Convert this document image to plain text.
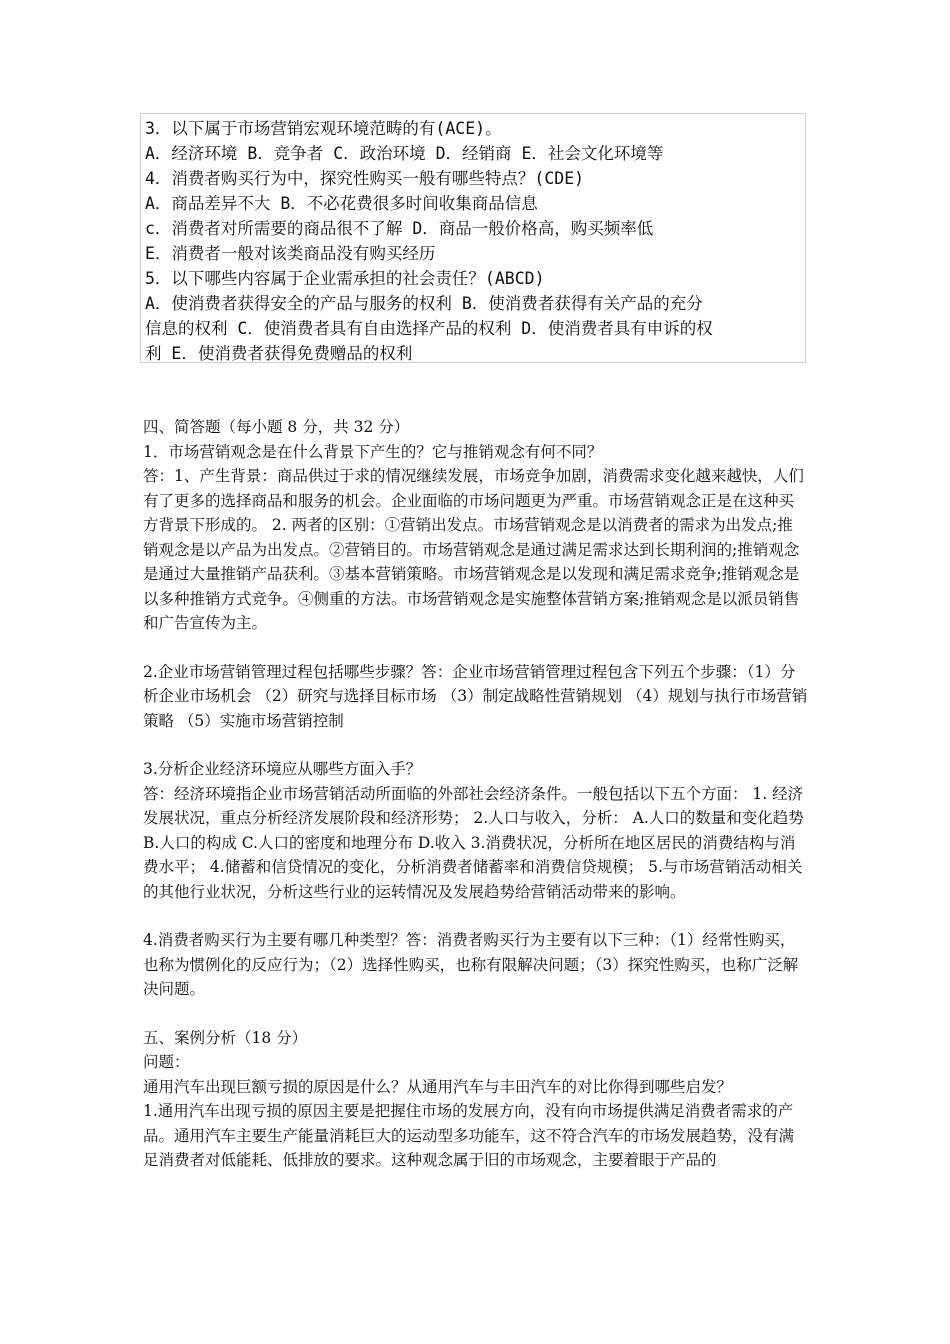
3．以下属于市场营销宏观环境范畴的有(ACE)。
A．经济环境 B．竞争者 C．政治环境 D．经销商 E．社会文化环境等
4．消费者购买行为中，探究性购买一般有哪些特点？(CDE)
A．商品差异不大 B．不必花费很多时间收集商品信息
c．消费者对所需要的商品很不了解 D．商品一般价格高，购买频率低
E．消费者一般对该类商品没有购买经历
5．以下哪些内容属于企业需承担的社会责任？(ABCD)
A．使消费者获得安全的产品与服务的权利 B．使消费者获得有关产品的充分
信息的权利 C．使消费者具有自由选择产品的权利 D．使消费者具有申诉的权
利 E．使消费者获得免费赠品的权利

四、简答题（每小题 8 分，共 32 分）

1．市场营销观念是在什么背景下产生的？它与推销观念有何不同？

答：1、产生背景：商品供过于求的情况继续发展，市场竞争加剧，消费需求变化越来越快，人们有了更多的选择商品和服务的机会。企业面临的市场问题更为严重。市场营销观念正是在这种买方背景下形成的。 2. 两者的区别：①营销出发点。市场营销观念是以消费者的需求为出发点;推销观念是以产品为出发点。②营销目的。市场营销观念是通过满足需求达到长期利润的;推销观念是通过大量推销产品获利。③基本营销策略。市场营销观念是以发现和满足需求竞争;推销观念是以多种推销方式竞争。④侧重的方法。市场营销观念是实施整体营销方案;推销观念是以派员销售和广告宣传为主。

2.企业市场营销管理过程包括哪些步骤？答：企业市场营销管理过程包含下列五个步骤：（1）分析企业市场机会 （2）研究与选择目标市场 （3）制定战略性营销规划 （4）规划与执行市场营销策略 （5）实施市场营销控制

3.分析企业经济环境应从哪些方面入手？

答：经济环境指企业市场营销活动所面临的外部社会经济条件。一般包括以下五个方面： 1. 经济发展状况，重点分析经济发展阶段和经济形势； 2.人口与收入，分析： A.人口的数量和变化趋势 B.人口的构成 C.人口的密度和地理分布 D.收入 3.消费状况，分析所在地区居民的消费结构与消费水平； 4.储蓄和信贷情况的变化，分析消费者储蓄率和消费信贷规模； 5.与市场营销活动相关的其他行业状况，分析这些行业的运转情况及发展趋势给营销活动带来的影响。

4.消费者购买行为主要有哪几种类型？答：消费者购买行为主要有以下三种：（1）经常性购买，也称为惯例化的反应行为；（2）选择性购买，也称有限解决问题；（3）探究性购买，也称广泛解决问题。

五、案例分析（18 分）

问题：

通用汽车出现巨额亏损的原因是什么？从通用汽车与丰田汽车的对比你得到哪些启发？

1.通用汽车出现亏损的原因主要是把握住市场的发展方向，没有向市场提供满足消费者需求的产品。通用汽车主要生产能量消耗巨大的运动型多功能车，这不符合汽车的市场发展趋势，没有满足消费者对低能耗、低排放的要求。这种观念属于旧的市场观念，主要着眼于产品的
